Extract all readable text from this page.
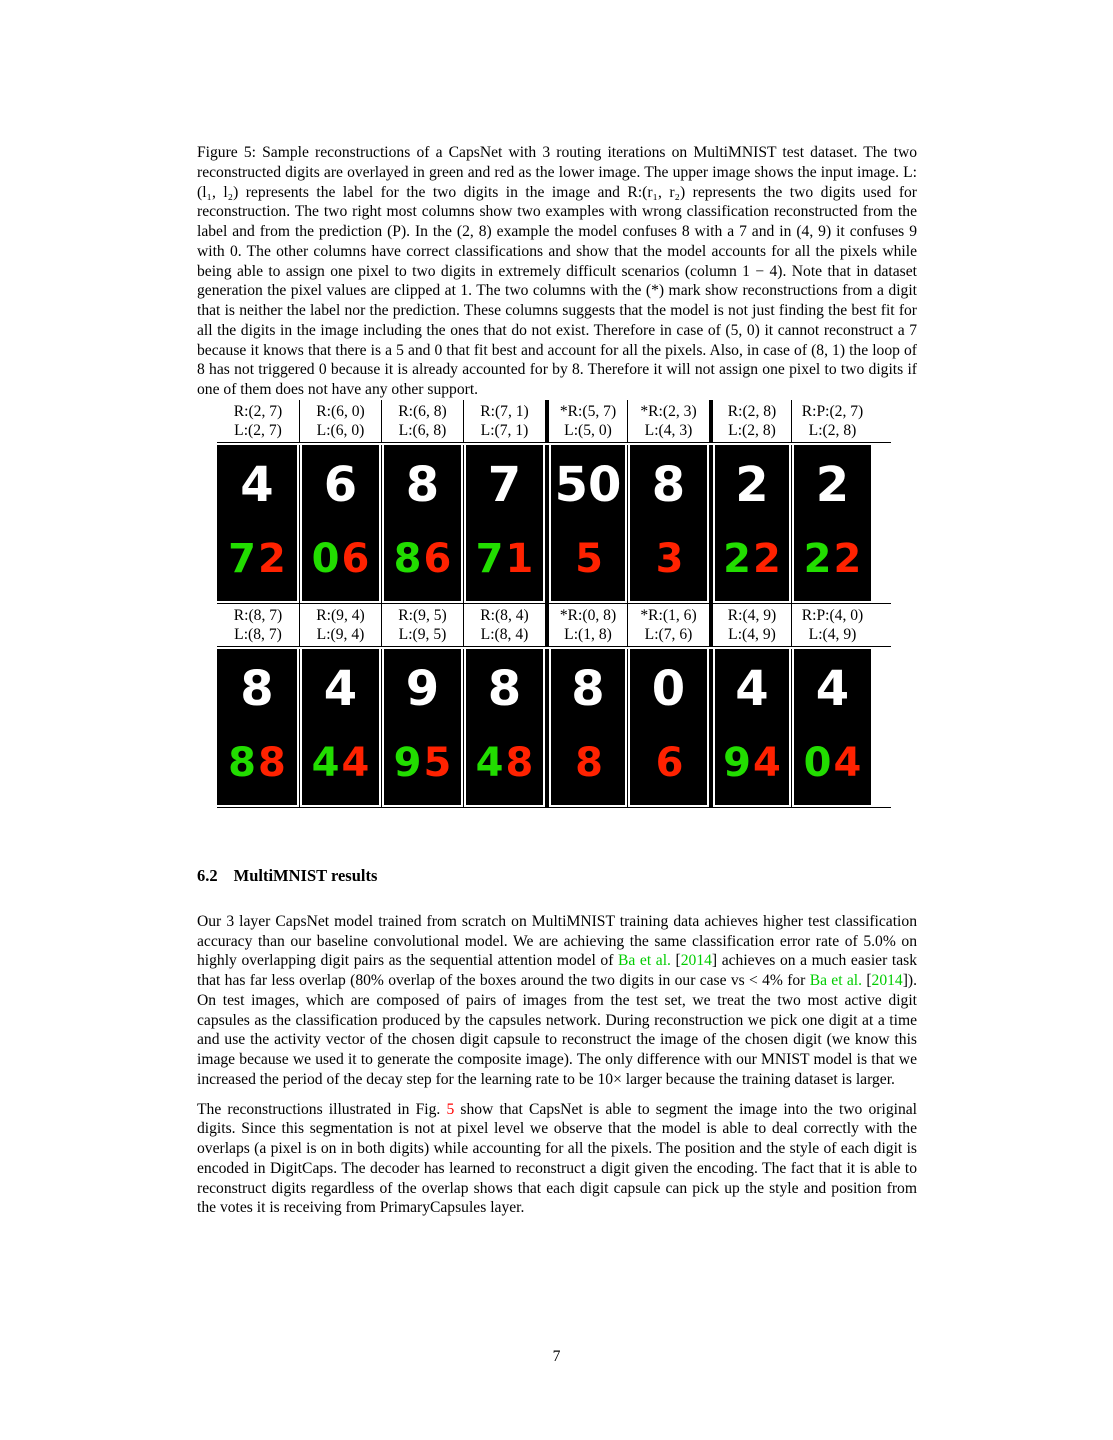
Figure 5: Sample reconstructions of a CapsNet with 3 routing iterations on MultiMNIST test dataset. The two reconstructed digits are overlayed in green and red as the lower image. The upper image shows the input image. L:(l₁, l₂) represents the label for the two digits in the image and R:(r₁, r₂) represents the two digits used for reconstruction. The two right most columns show two examples with wrong classification reconstructed from the label and from the prediction (P). In the (2, 8) example the model confuses 8 with a 7 and in (4, 9) it confuses 9 with 0. The other columns have correct classifications and show that the model accounts for all the pixels while being able to assign one pixel to two digits in extremely difficult scenarios (column 1 − 4). Note that in dataset generation the pixel values are clipped at 1. The two columns with the (*) mark show reconstructions from a digit that is neither the label nor the prediction. These columns suggests that the model is not just finding the best fit for all the digits in the image including the ones that do not exist. Therefore in case of (5, 0) it cannot reconstruct a 7 because it knows that there is a 5 and 0 that fit best and account for all the pixels. Also, in case of (8, 1) the loop of 8 has not triggered 0 because it is already accounted for by 8. Therefore it will not assign one pixel to two digits if one of them does not have any other support.
R:(2, 7)
L:(2, 7)
R:(6, 0)
L:(6, 0)
R:(6, 8)
L:(6, 8)
R:(7, 1)
L:(7, 1)
*R:(5, 7)
L:(5, 0)
*R:(2, 3)
L:(4, 3)
R:(2, 8)
L:(2, 8)
R:P:(2, 7)
L:(2, 8)
4
7 2
6
0 6
8
8 6
7
7 1
50
5
8
3
2
2 2
2
2 2
R:(8, 7)
L:(8, 7)
R:(9, 4)
L:(9, 4)
R:(9, 5)
L:(9, 5)
R:(8, 4)
L:(8, 4)
*R:(0, 8)
L:(1, 8)
*R:(1, 6)
L:(7, 6)
R:(4, 9)
L:(4, 9)
R:P:(4, 0)
L:(4, 9)
8
8 8
4
4 4
9
9 5
8
4 8
8
8
0
6
4
9 4
4
0 4
6.2 MultiMNIST results

Our 3 layer CapsNet model trained from scratch on MultiMNIST training data achieves higher test classification accuracy than our baseline convolutional model. We are achieving the same classification error rate of 5.0% on highly overlapping digit pairs as the sequential attention model of Ba et al. [2014] achieves on a much easier task that has far less overlap (80% overlap of the boxes around the two digits in our case vs < 4% for Ba et al. [2014]). On test images, which are composed of pairs of images from the test set, we treat the two most active digit capsules as the classification produced by the capsules network. During reconstruction we pick one digit at a time and use the activity vector of the chosen digit capsule to reconstruct the image of the chosen digit (we know this image because we used it to generate the composite image). The only difference with our MNIST model is that we increased the period of the decay step for the learning rate to be 10× larger because the training dataset is larger.

The reconstructions illustrated in Fig. 5 show that CapsNet is able to segment the image into the two original digits. Since this segmentation is not at pixel level we observe that the model is able to deal correctly with the overlaps (a pixel is on in both digits) while accounting for all the pixels. The position and the style of each digit is encoded in DigitCaps. The decoder has learned to reconstruct a digit given the encoding. The fact that it is able to reconstruct digits regardless of the overlap shows that each digit capsule can pick up the style and position from the votes it is receiving from PrimaryCapsules layer.

7
